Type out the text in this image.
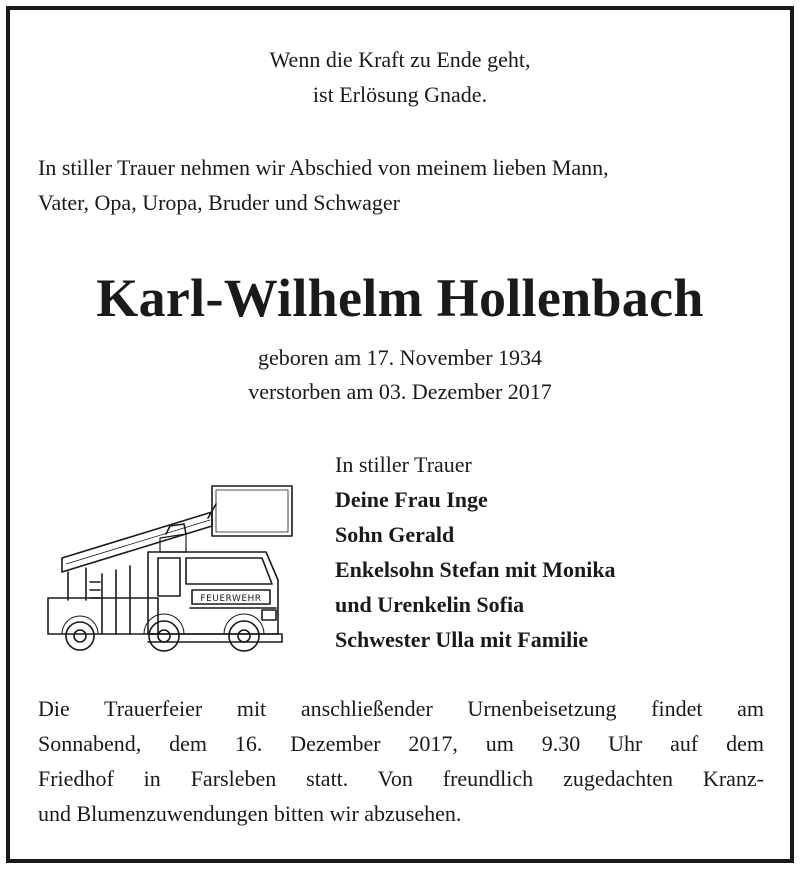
Wenn die Kraft zu Ende geht,
ist Erlösung Gnade.
In stiller Trauer nehmen wir Abschied von meinem lieben Mann,
Vater, Opa, Uropa, Bruder und Schwager
Karl-Wilhelm Hollenbach
geboren am 17. November 1934
verstorben am 03. Dezember 2017
FEUERWEHR
In stiller Trauer
Deine Frau Inge
Sohn Gerald
Enkelsohn Stefan mit Monika
und Urenkelin Sofia
Schwester Ulla mit Familie
Die Trauerfeier mit anschließender Urnenbeisetzung findet am
Sonnabend, dem 16. Dezember 2017, um 9.30 Uhr auf dem
Friedhof in Farsleben statt. Von freundlich zugedachten Kranz-
und Blumenzuwendungen bitten wir abzusehen.
